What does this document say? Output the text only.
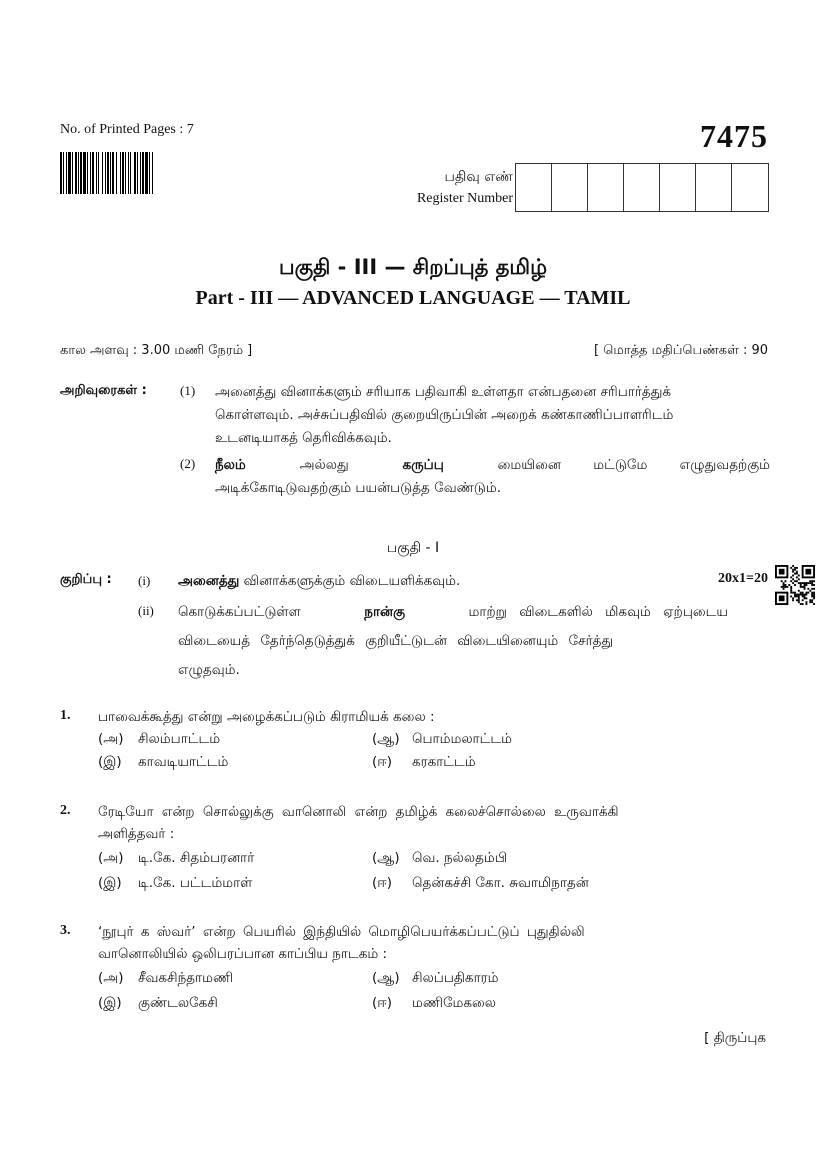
No. of Printed Pages : 7	7475
பதிவு எண்
Register Number
பகுதி - III — சிறப்புத் தமிழ்
Part - III — ADVANCED LANGUAGE — TAMIL
கால அளவு : 3.00 மணி நேரம் ]	[ மொத்த மதிப்பெண்கள் : 90
அறிவுரைகள் :	(1) அனைத்து வினாக்களும் சரியாக பதிவாகி உள்ளதா என்பதனை சரிபார்த்துக்
கொள்ளவும். அச்சுப்பதிவில் குறையிருப்பின் அறைக் கண்காணிப்பாளரிடம்
உடனடியாகத் தெரிவிக்கவும்.
(2) நீலம்	அல்லது	கருப்பு	மையினை மட்டுமே எழுதுவதற்கும்
அடிக்கோடிடுவதற்கும் பயன்படுத்த வேண்டும்.
பகுதி - I
குறிப்பு : (i) அனைத்து வினாக்களுக்கும் விடையளிக்கவும்.	20x1=20
(ii) கொடுக்கப்பட்டுள்ள	நான்கு	மாற்று விடைகளில் மிகவும் ஏற்புடைய
விடையைத் தேர்ந்தெடுத்துக் குறியீட்டுடன் விடையினையும் சேர்த்து
எழுதவும்.
1. பாவைக்கூத்து என்று அழைக்கப்படும் கிராமியக் கலை :
(அ) சிலம்பாட்டம்	(ஆ) பொம்மலாட்டம்
(இ) காவடியாட்டம்	(ஈ) கரகாட்டம்
2. ரேடியோ என்ற சொல்லுக்கு வானொலி என்ற தமிழ்க் கலைச்சொல்லை உருவாக்கி
அளித்தவர் :
(அ) டி.கே. சிதம்பரனார்	(ஆ) வெ. நல்லதம்பி
(இ) டி.கே. பட்டம்மாள்	(ஈ) தென்கச்சி கோ. சுவாமிநாதன்
3. ‘நூபுர் க ஸ்வர்’ என்ற பெயரில் இந்தியில் மொழிபெயர்க்கப்பட்டுப் புதுதில்லி
வானொலியில் ஒலிபரப்பான காப்பிய நாடகம் :
(அ) சீவகசிந்தாமணி	(ஆ) சிலப்பதிகாரம்
(இ) குண்டலகேசி	(ஈ) மணிமேகலை
[ திருப்புக
